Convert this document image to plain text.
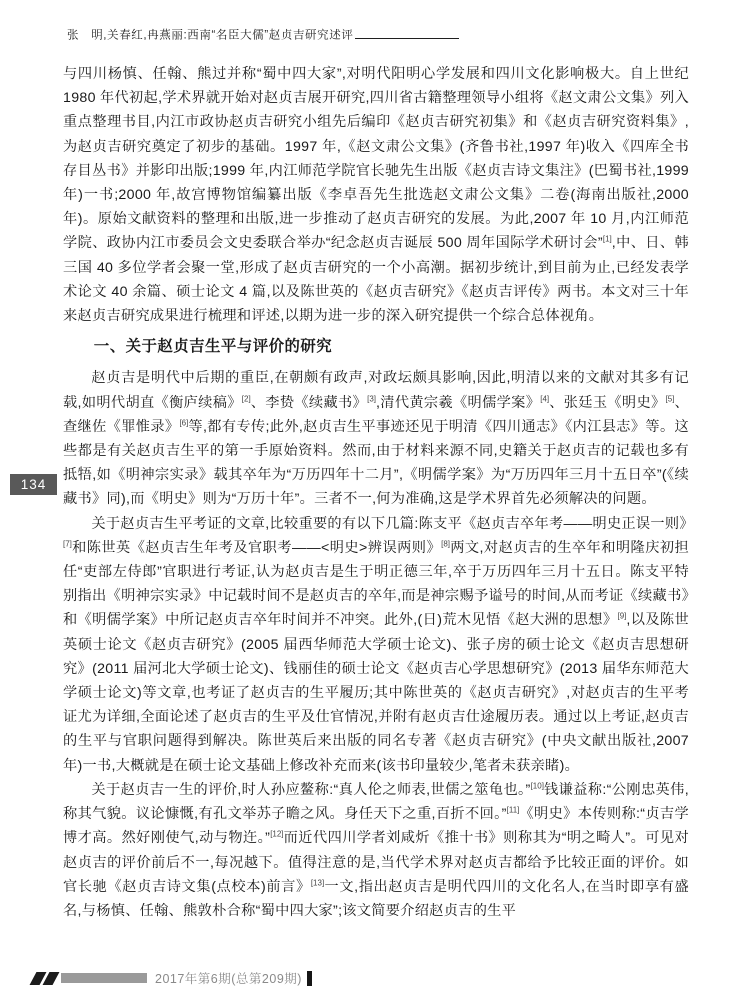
张　明,关春红,冉燕丽:西南“名臣大儒”赵贞吉研究述评

与四川杨慎、任翰、熊过并称“蜀中四大家”,对明代阳明心学发展和四川文化影响极大。自上世纪 1980 年代初起,学术界就开始对赵贞吉展开研究,四川省古籍整理领导小组将《赵文肃公文集》列入重点整理书目,内江市政协赵贞吉研究小组先后编印《赵贞吉研究初集》和《赵贞吉研究资料集》,为赵贞吉研究奠定了初步的基础。1997 年,《赵文肃公文集》(齐鲁书社,1997 年)收入《四库全书存目丛书》并影印出版;1999 年,内江师范学院官长驰先生出版《赵贞吉诗文集注》(巴蜀书社,1999 年)一书;2000 年,故宫博物馆编纂出版《李卓吾先生批选赵文肃公文集》二卷(海南出版社,2000 年)。原始文献资料的整理和出版,进一步推动了赵贞吉研究的发展。为此,2007 年 10 月,内江师范学院、政协内江市委员会文史委联合举办“纪念赵贞吉诞辰 500 周年国际学术研讨会”[1],中、日、韩三国 40 多位学者会聚一堂,形成了赵贞吉研究的一个小高潮。据初步统计,到目前为止,已经发表学术论文 40 余篇、硕士论文 4 篇,以及陈世英的《赵贞吉研究》《赵贞吉评传》两书。本文对三十年来赵贞吉研究成果进行梳理和评述,以期为进一步的深入研究提供一个综合总体视角。

一、关于赵贞吉生平与评价的研究

赵贞吉是明代中后期的重臣,在朝颇有政声,对政坛颇具影响,因此,明清以来的文献对其多有记载,如明代胡直《衡庐续稿》[2]、李贽《续藏书》[3],清代黄宗羲《明儒学案》[4]、张廷玉《明史》[5]、查继佐《罪惟录》[6]等,都有专传;此外,赵贞吉生平事迹还见于明清《四川通志》《内江县志》等。这些都是有关赵贞吉生平的第一手原始资料。然而,由于材料来源不同,史籍关于赵贞吉的记载也多有抵牾,如《明神宗实录》载其卒年为“万历四年十二月”,《明儒学案》为“万历四年三月十五日卒”(《续藏书》同),而《明史》则为“万历十年”。三者不一,何为准确,这是学术界首先必须解决的问题。

关于赵贞吉生平考证的文章,比较重要的有以下几篇:陈支平《赵贞吉卒年考——明史正误一则》[7]和陈世英《赵贞吉生年考及官职考——<明史>辨误两则》[8]两文,对赵贞吉的生卒年和明隆庆初担任“吏部左侍郎”官职进行考证,认为赵贞吉是生于明正德三年,卒于万历四年三月十五日。陈支平特别指出《明神宗实录》中记载时间不是赵贞吉的卒年,而是神宗赐予谥号的时间,从而考证《续藏书》和《明儒学案》中所记赵贞吉卒年时间并不冲突。此外,(日)荒木见悟《赵大洲的思想》[9],以及陈世英硕士论文《赵贞吉研究》(2005 届西华师范大学硕士论文)、张子房的硕士论文《赵贞吉思想研究》(2011 届河北大学硕士论文)、钱丽佳的硕士论文《赵贞吉心学思想研究》(2013 届华东师范大学硕士论文)等文章,也考证了赵贞吉的生平履历;其中陈世英的《赵贞吉研究》,对赵贞吉的生平考证尤为详细,全面论述了赵贞吉的生平及仕官情况,并附有赵贞吉仕途履历表。通过以上考证,赵贞吉的生平与官职问题得到解决。陈世英后来出版的同名专著《赵贞吉研究》(中央文献出版社,2007 年)一书,大概就是在硕士论文基础上修改补充而来(该书印量较少,笔者未获亲睹)。

关于赵贞吉一生的评价,时人孙应鳌称:“真人伦之师表,世儒之筮龟也。”[10]钱谦益称:“公刚忠英伟,称其气貌。议论慷慨,有孔文举苏子瞻之风。身任天下之重,百折不回。”[11]《明史》本传则称:“贞吉学博才高。然好刚使气,动与物迕。”[12]而近代四川学者刘咸炘《推十书》则称其为“明之畸人”。可见对赵贞吉的评价前后不一,每况越下。值得注意的是,当代学术界对赵贞吉都给予比较正面的评价。如官长驰《赵贞吉诗文集(点校本)前言》[13]一文,指出赵贞吉是明代四川的文化名人,在当时即享有盛名,与杨慎、任翰、熊敦朴合称“蜀中四大家”;该文简要介绍赵贞吉的生平

134
2017年第6期(总第209期)
